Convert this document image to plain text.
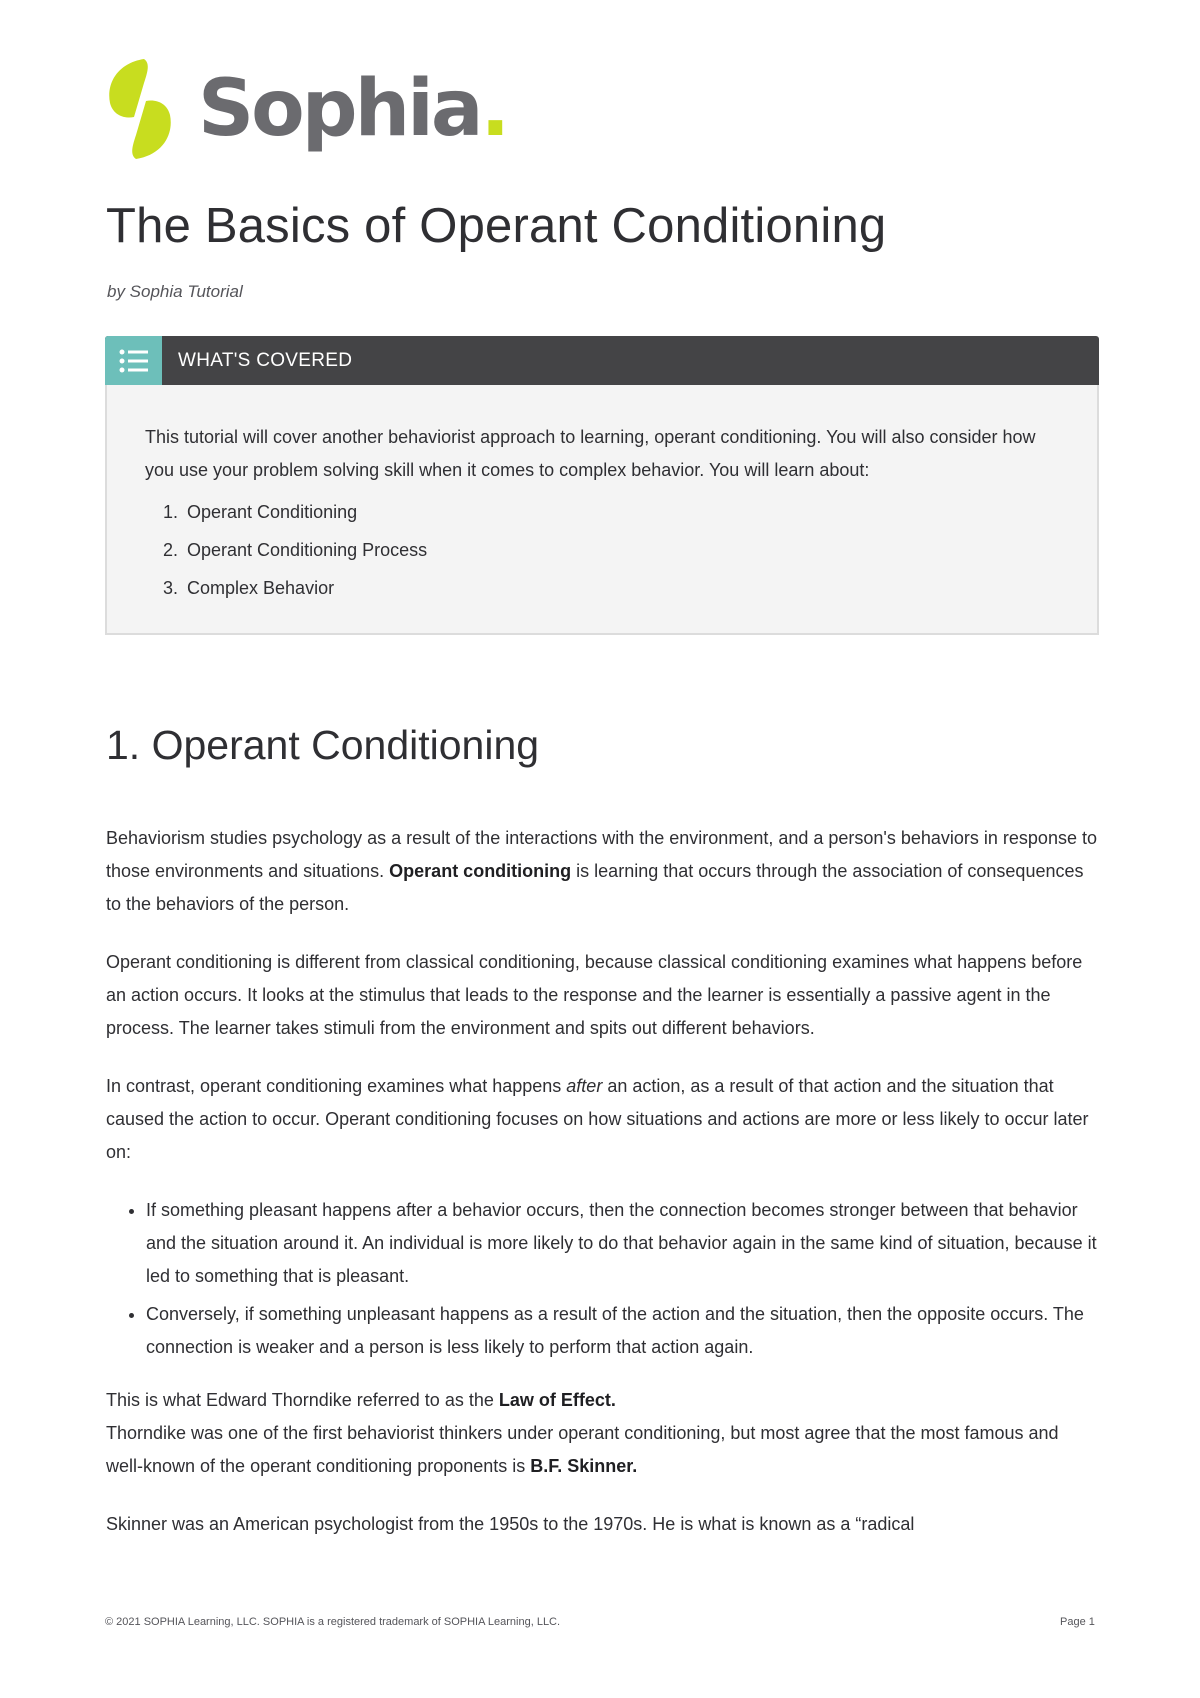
Sophia.
The Basics of Operant Conditioning
by Sophia Tutorial
WHAT'S COVERED
This tutorial will cover another behaviorist approach to learning, operant conditioning. You will also consider how you use your problem solving skill when it comes to complex behavior. You will learn about:
1. Operant Conditioning
2. Operant Conditioning Process
3. Complex Behavior
1. Operant Conditioning

Behaviorism studies psychology as a result of the interactions with the environment, and a person's behaviors in response to those environments and situations. Operant conditioning is learning that occurs through the association of consequences to the behaviors of the person.

Operant conditioning is different from classical conditioning, because classical conditioning examines what happens before an action occurs. It looks at the stimulus that leads to the response and the learner is essentially a passive agent in the process. The learner takes stimuli from the environment and spits out different behaviors.

In contrast, operant conditioning examines what happens after an action, as a result of that action and the situation that caused the action to occur. Operant conditioning focuses on how situations and actions are more or less likely to occur later on:

• If something pleasant happens after a behavior occurs, then the connection becomes stronger between that behavior and the situation around it. An individual is more likely to do that behavior again in the same kind of situation, because it led to something that is pleasant.
• Conversely, if something unpleasant happens as a result of the action and the situation, then the opposite occurs. The connection is weaker and a person is less likely to perform that action again.

This is what Edward Thorndike referred to as the Law of Effect.

Thorndike was one of the first behaviorist thinkers under operant conditioning, but most agree that the most famous and well-known of the operant conditioning proponents is B.F. Skinner.

Skinner was an American psychologist from the 1950s to the 1970s. He is what is known as a “radical

© 2021 SOPHIA Learning, LLC. SOPHIA is a registered trademark of SOPHIA Learning, LLC.	Page 1
